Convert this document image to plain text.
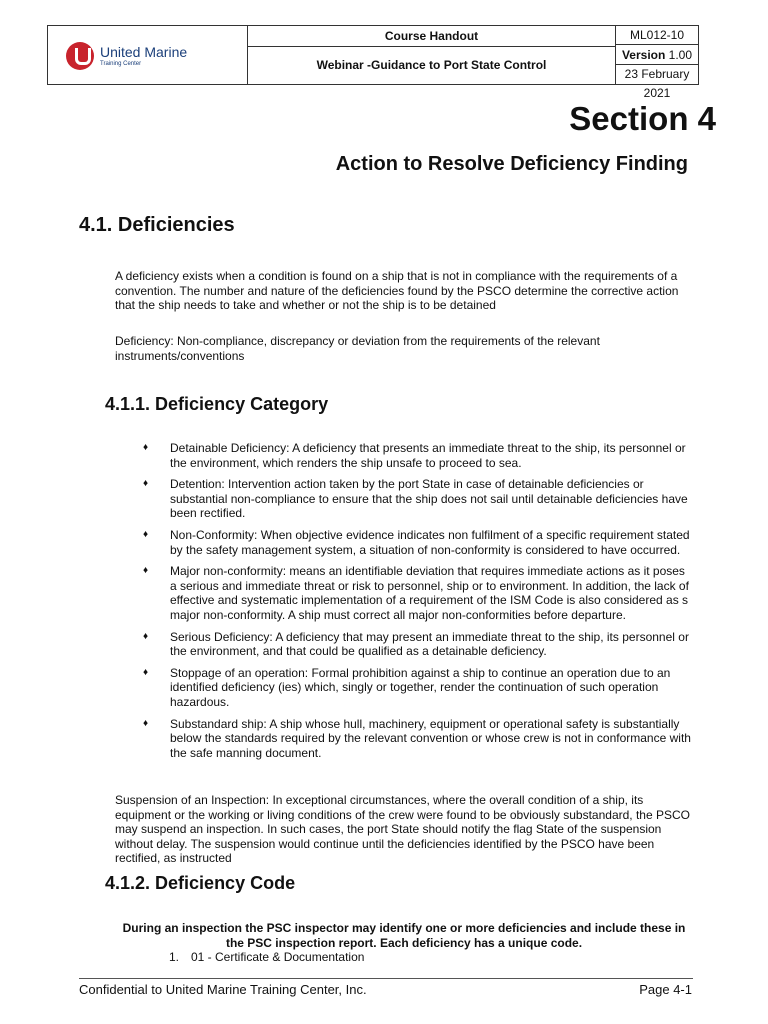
United Marine
Training Center
Course Handout
Webinar -Guidance to Port State Control
ML012-10
Version 1.00
23 February 2021
Section 4
Action to Resolve Deficiency Finding
4.1. Deficiencies

A deficiency exists when a condition is found on a ship that is not in compliance with the requirements of a convention. The number and nature of the deficiencies found by the PSCO determine the corrective action that the ship needs to take and whether or not the ship is to be detained

Deficiency: Non-compliance, discrepancy or deviation from the requirements of the relevant instruments/conventions

4.1.1. Deficiency Category
♦ Detainable Deficiency: A deficiency that presents an immediate threat to the ship, its personnel or the environment, which renders the ship unsafe to proceed to sea.
♦ Detention: Intervention action taken by the port State in case of detainable deficiencies or substantial non-compliance to ensure that the ship does not sail until detainable deficiencies have been rectified.
♦ Non-Conformity: When objective evidence indicates non fulfilment of a specific requirement stated by the safety management system, a situation of non-conformity is considered to have occurred.
♦ Major non-conformity: means an identifiable deviation that requires immediate actions as it poses a serious and immediate threat or risk to personnel, ship or to environment. In addition, the lack of effective and systematic implementation of a requirement of the ISM Code is also considered as s major non-conformity. A ship must correct all major non-conformities before departure.
♦ Serious Deficiency: A deficiency that may present an immediate threat to the ship, its personnel or the environment, and that could be qualified as a detainable deficiency.
♦ Stoppage of an operation: Formal prohibition against a ship to continue an operation due to an identified deficiency (ies) which, singly or together, render the continuation of such operation hazardous.
♦ Substandard ship: A ship whose hull, machinery, equipment or operational safety is substantially below the standards required by the relevant convention or whose crew is not in conformance with the safe manning document.

Suspension of an Inspection: In exceptional circumstances, where the overall condition of a ship, its equipment or the working or living conditions of the crew were found to be obviously substandard, the PSCO may suspend an inspection. In such cases, the port State should notify the flag State of the suspension without delay. The suspension would continue until the deficiencies identified by the PSCO have been rectified, as instructed

4.1.2. Deficiency Code

During an inspection the PSC inspector may identify one or more deficiencies and include these in the PSC inspection report. Each deficiency has a unique code.

1. 01 - Certificate & Documentation

Confidential to United Marine Training Center, Inc.	Page 4-1
